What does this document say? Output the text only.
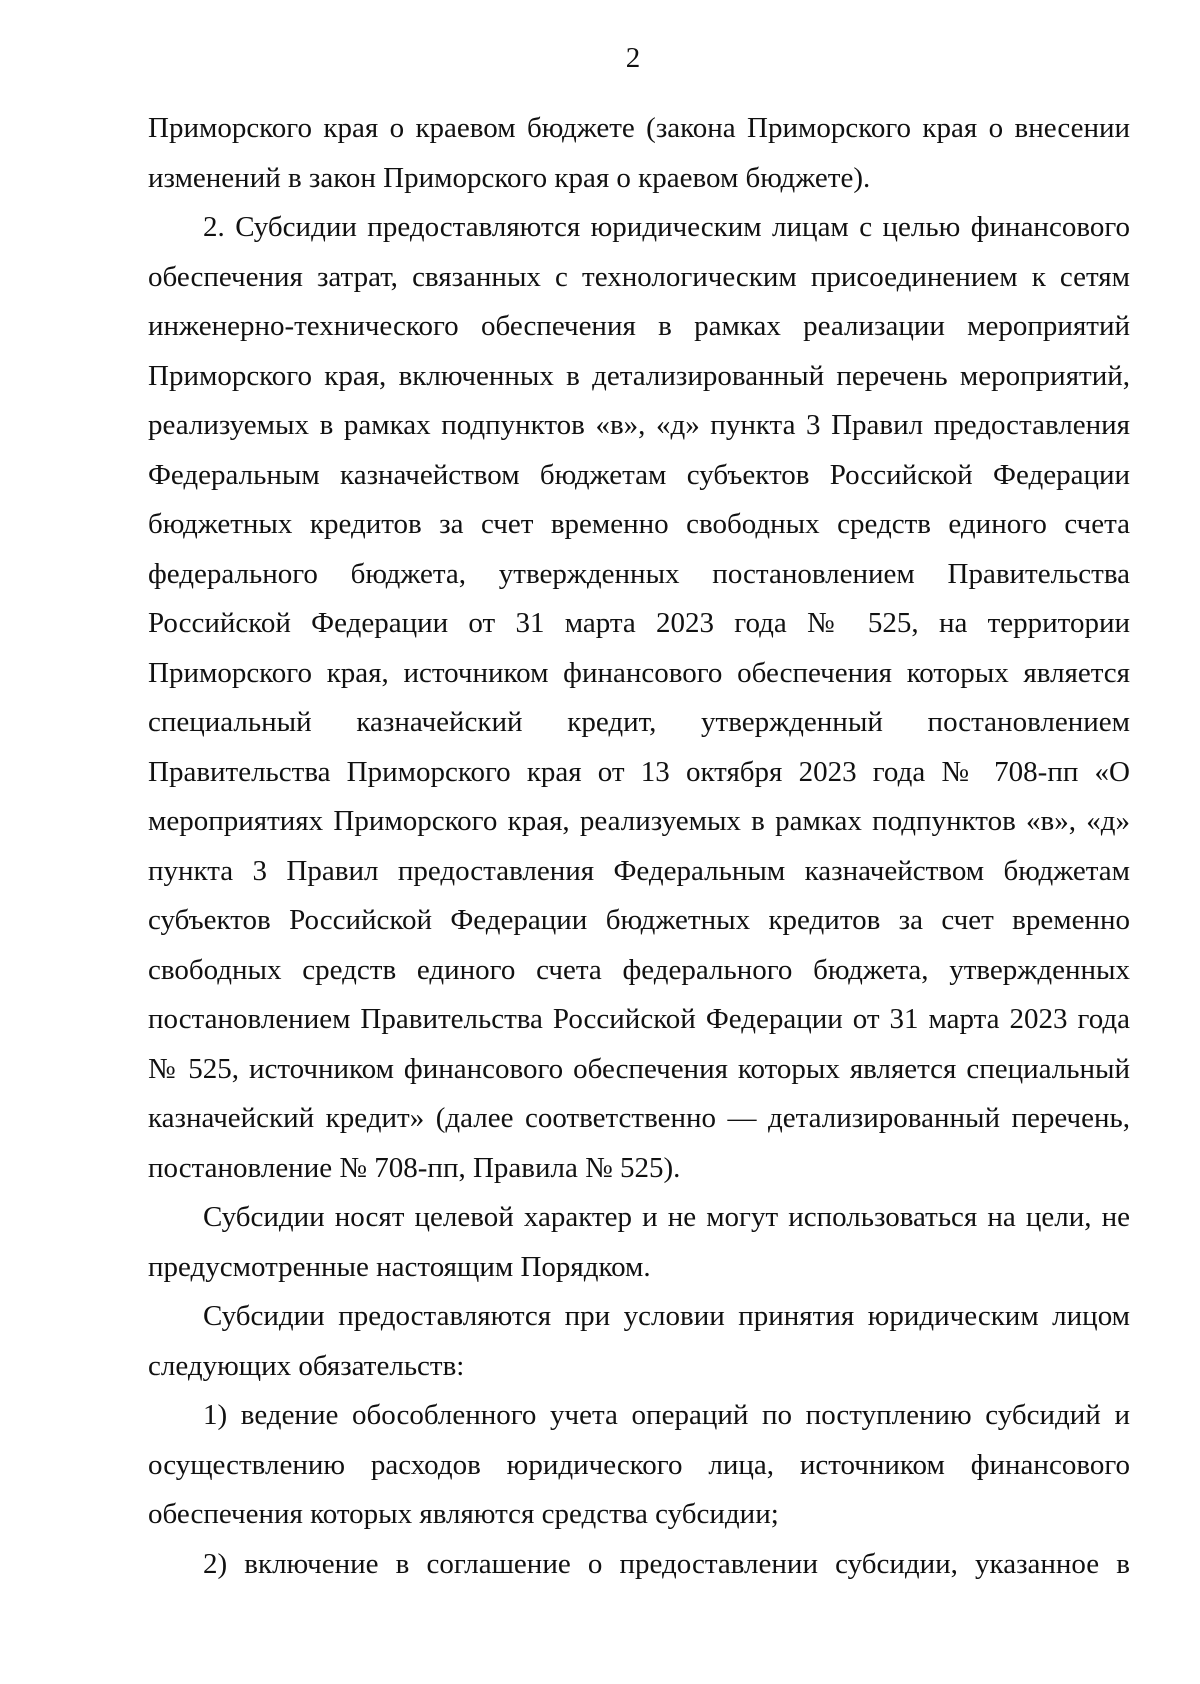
2

Приморского края о краевом бюджете (закона Приморского края о внесении изменений в закон Приморского края о краевом бюджете).

2. Субсидии предоставляются юридическим лицам с целью финансового обеспечения затрат, связанных с технологическим присоединением к сетям инженерно-технического обеспечения в рамках реализации мероприятий Приморского края, включенных в детализированный перечень мероприятий, реализуемых в рамках подпунктов «в», «д» пункта 3 Правил предоставления Федеральным казначейством бюджетам субъектов Российской Федерации бюджетных кредитов за счет временно свободных средств единого счета федерального бюджета, утвержденных постановлением Правительства Российской Федерации от 31 марта 2023 года № 525, на территории Приморского края, источником финансового обеспечения которых является специальный казначейский кредит, утвержденный постановлением Правительства Приморского края от 13 октября 2023 года № 708-пп «О мероприятиях Приморского края, реализуемых в рамках подпунктов «в», «д» пункта 3 Правил предоставления Федеральным казначейством бюджетам субъектов Российской Федерации бюджетных кредитов за счет временно свободных средств единого счета федерального бюджета, утвержденных постановлением Правительства Российской Федерации от 31 марта 2023 года № 525, источником финансового обеспечения которых является специальный казначейский кредит» (далее соответственно — детализированный перечень, постановление № 708-пп, Правила № 525).

Субсидии носят целевой характер и не могут использоваться на цели, не предусмотренные настоящим Порядком.

Субсидии предоставляются при условии принятия юридическим лицом следующих обязательств:

1) ведение обособленного учета операций по поступлению субсидий и осуществлению расходов юридического лица, источником финансового обеспечения которых являются средства субсидии;

2) включение в соглашение о предоставлении субсидии, указанное в
